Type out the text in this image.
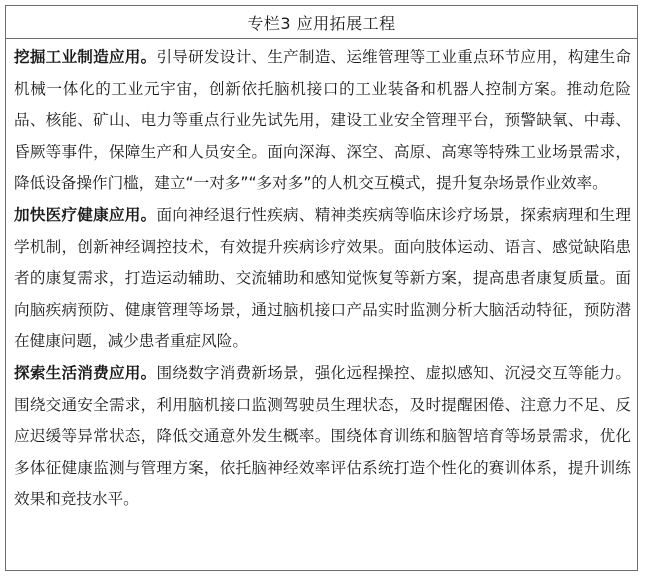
专栏3 应用拓展工程

挖掘工业制造应用。引导研发设计、生产制造、运维管理等工业重点环节应用，构建生命机械一体化的工业元宇宙，创新依托脑机接口的工业装备和机器人控制方案。推动危险品、核能、矿山、电力等重点行业先试先用，建设工业安全管理平台，预警缺氧、中毒、昏厥等事件，保障生产和人员安全。面向深海、深空、高原、高寒等特殊工业场景需求，降低设备操作门槛，建立“一对多”“多对多”的人机交互模式，提升复杂场景作业效率。

加快医疗健康应用。面向神经退行性疾病、精神类疾病等临床诊疗场景，探索病理和生理学机制，创新神经调控技术，有效提升疾病诊疗效果。面向肢体运动、语言、感觉缺陷患者的康复需求，打造运动辅助、交流辅助和感知觉恢复等新方案，提高患者康复质量。面向脑疾病预防、健康管理等场景，通过脑机接口产品实时监测分析大脑活动特征，预防潜在健康问题，减少患者重症风险。

探索生活消费应用。围绕数字消费新场景，强化远程操控、虚拟感知、沉浸交互等能力。围绕交通安全需求，利用脑机接口监测驾驶员生理状态，及时提醒困倦、注意力不足、反应迟缓等异常状态，降低交通意外发生概率。围绕体育训练和脑智培育等场景需求，优化多体征健康监测与管理方案，依托脑神经效率评估系统打造个性化的赛训体系，提升训练效果和竞技水平。
